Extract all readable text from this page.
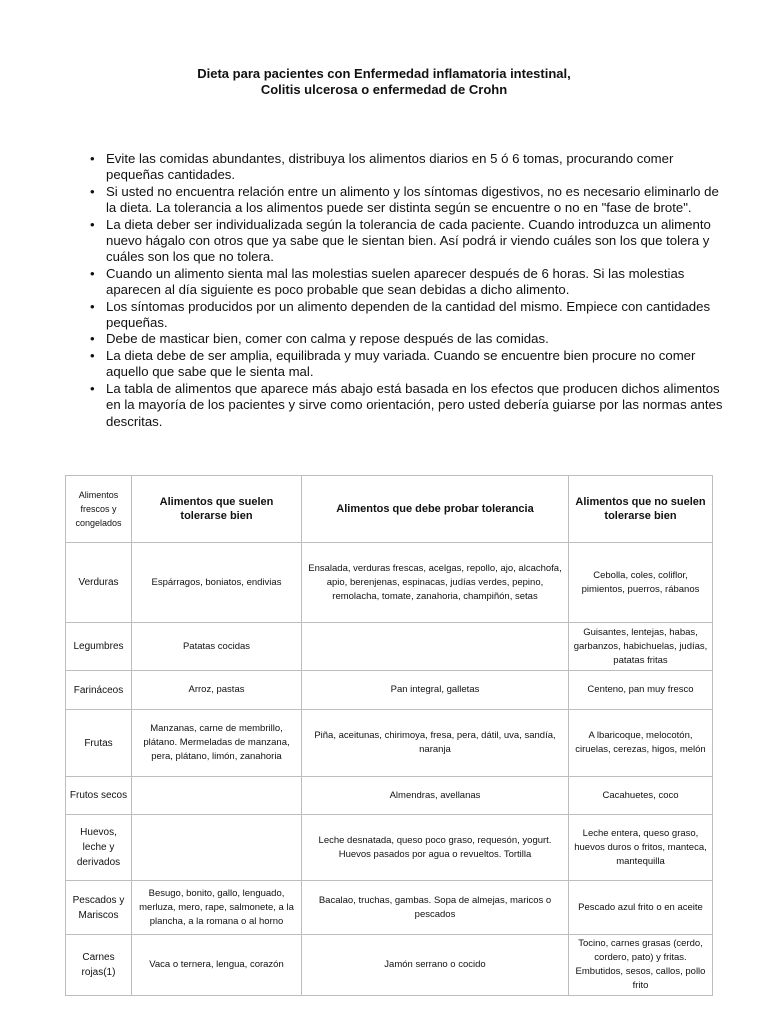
Dieta para pacientes con Enfermedad inflamatoria intestinal,
Colitis ulcerosa o enfermedad de Crohn
• Evite las comidas abundantes, distribuya los alimentos diarios en 5 ó 6 tomas, procurando comer pequeñas cantidades.
• Si usted no encuentra relación entre un alimento y los síntomas digestivos, no es necesario eliminarlo de la dieta. La tolerancia a los alimentos puede ser distinta según se encuentre o no en "fase de brote".
• La dieta deber ser individualizada según la tolerancia de cada paciente. Cuando introduzca un alimento nuevo hágalo con otros que ya sabe que le sientan bien. Así podrá ir viendo cuáles son los que tolera y cuáles son los que no tolera.
• Cuando un alimento sienta mal las molestias suelen aparecer después de 6 horas. Si las molestias aparecen al día siguiente es poco probable que sean debidas a dicho alimento.
• Los síntomas producidos por un alimento dependen de la cantidad del mismo. Empiece con cantidades pequeñas.
• Debe de masticar bien, comer con calma y repose después de las comidas.
• La dieta debe de ser amplia, equilibrada y muy variada. Cuando se encuentre bien procure no comer aquello que sabe que le sienta mal.
• La tabla de alimentos que aparece más abajo está basada en los efectos que producen dichos alimentos en la mayoría de los pacientes y sirve como orientación, pero usted debería guiarse por las normas antes descritas.
Alimentos frescos y congelados	Alimentos que suelen tolerarse bien	Alimentos que debe probar tolerancia	Alimentos que no suelen tolerarse bien
Verduras	Espárragos, boniatos, endivias	Ensalada, verduras frescas, acelgas, repollo, ajo, alcachofa, apio, berenjenas, espinacas, judías verdes, pepino, remolacha, tomate, zanahoria, champiñón, setas	Cebolla, coles, coliflor, pimientos, puerros, rábanos
Legumbres	Patatas cocidas		Guisantes, lentejas, habas, garbanzos, habichuelas, judías, patatas fritas
Farináceos	Arroz, pastas	Pan integral, galletas	Centeno, pan muy fresco
Frutas	Manzanas, carne de membrillo, plátano. Mermeladas de manzana, pera, plátano, limón, zanahoria	Piña, aceitunas, chirimoya, fresa, pera, dátil, uva, sandía, naranja	A lbaricoque, melocotón, ciruelas, cerezas, higos, melón
Frutos secos		Almendras, avellanas	Cacahuetes, coco
Huevos, leche y derivados		Leche desnatada, queso poco graso, requesón, yogurt. Huevos pasados por agua o revueltos. Tortilla	Leche entera, queso graso, huevos duros o fritos, manteca, mantequilla
Pescados y Mariscos	Besugo, bonito, gallo, lenguado, merluza, mero, rape, salmonete, a la plancha, a la romana o al horno	Bacalao, truchas, gambas. Sopa de almejas, maricos o pescados	Pescado azul frito o en aceite
Carnes rojas(1)	Vaca o ternera, lengua, corazón	Jamón serrano o cocido	Tocino, carnes grasas (cerdo, cordero, pato) y fritas. Embutidos, sesos, callos, pollo frito
